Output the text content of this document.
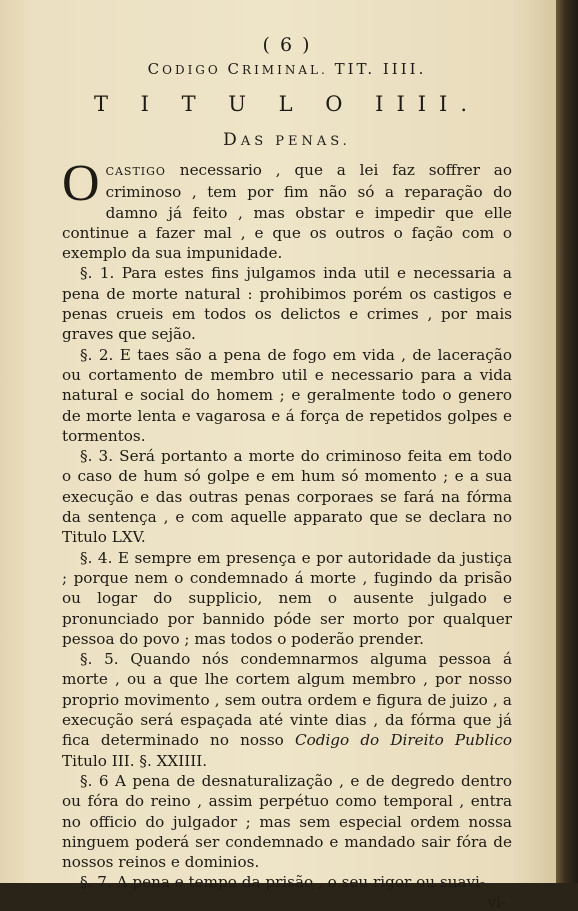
( 6 )
CODIGO CRIMINAL. TIT. IIII.
T I T U L O IIII.
DAS PENAS.

OCASTIGO necessario , que a lei faz soffrer ao criminoso , tem por fim não só a reparação do damno já feito , mas obstar e impedir que elle continue a fazer mal , e que os outros o fação com o exemplo da sua impunidade.

§. 1. Para estes fins julgamos inda util e necessaria a pena de morte natural : prohibimos porém os castigos e penas crueis em todos os delictos e crimes , por mais graves que sejão.

§. 2. E taes são a pena de fogo em vida , de laceração ou cortamento de membro util e necessario para a vida natural e social do homem ; e geralmente todo o genero de morte lenta e vagarosa e á força de repetidos golpes e tormentos.

§. 3. Será portanto a morte do criminoso feita em todo o caso de hum só golpe e em hum só momento ; e a sua execução e das outras penas corporaes se fará na fórma da sentença , e com aquelle apparato que se declara no Titulo LXV.

§. 4. E sempre em presença e por autoridade da justiça ; porque nem o condemnado á morte , fugindo da prisão ou logar do supplicio, nem o ausente julgado e pronunciado por bannido póde ser morto por qualquer pessoa do povo ; mas todos o poderão prender.

§. 5. Quando nós condemnarmos alguma pessoa á morte , ou a que lhe cortem algum membro , por nosso proprio movimento , sem outra ordem e figura de juizo , a execução será espaçada até vinte dias , da fórma que já fica determinado no nosso Codigo do Direito Publico Titulo III. §. XXIIII.

§. 6 A pena de desnaturalização , e de degredo dentro ou fóra do reino , assim perpétuo como temporal , entra no officio do julgador ; mas sem especial ordem nossa ninguem poderá ser condemnado e mandado sair fóra de nossos reinos e dominios.

§. 7. A pena e tempo da prisão , o seu rigor ou suavi-

vi-
